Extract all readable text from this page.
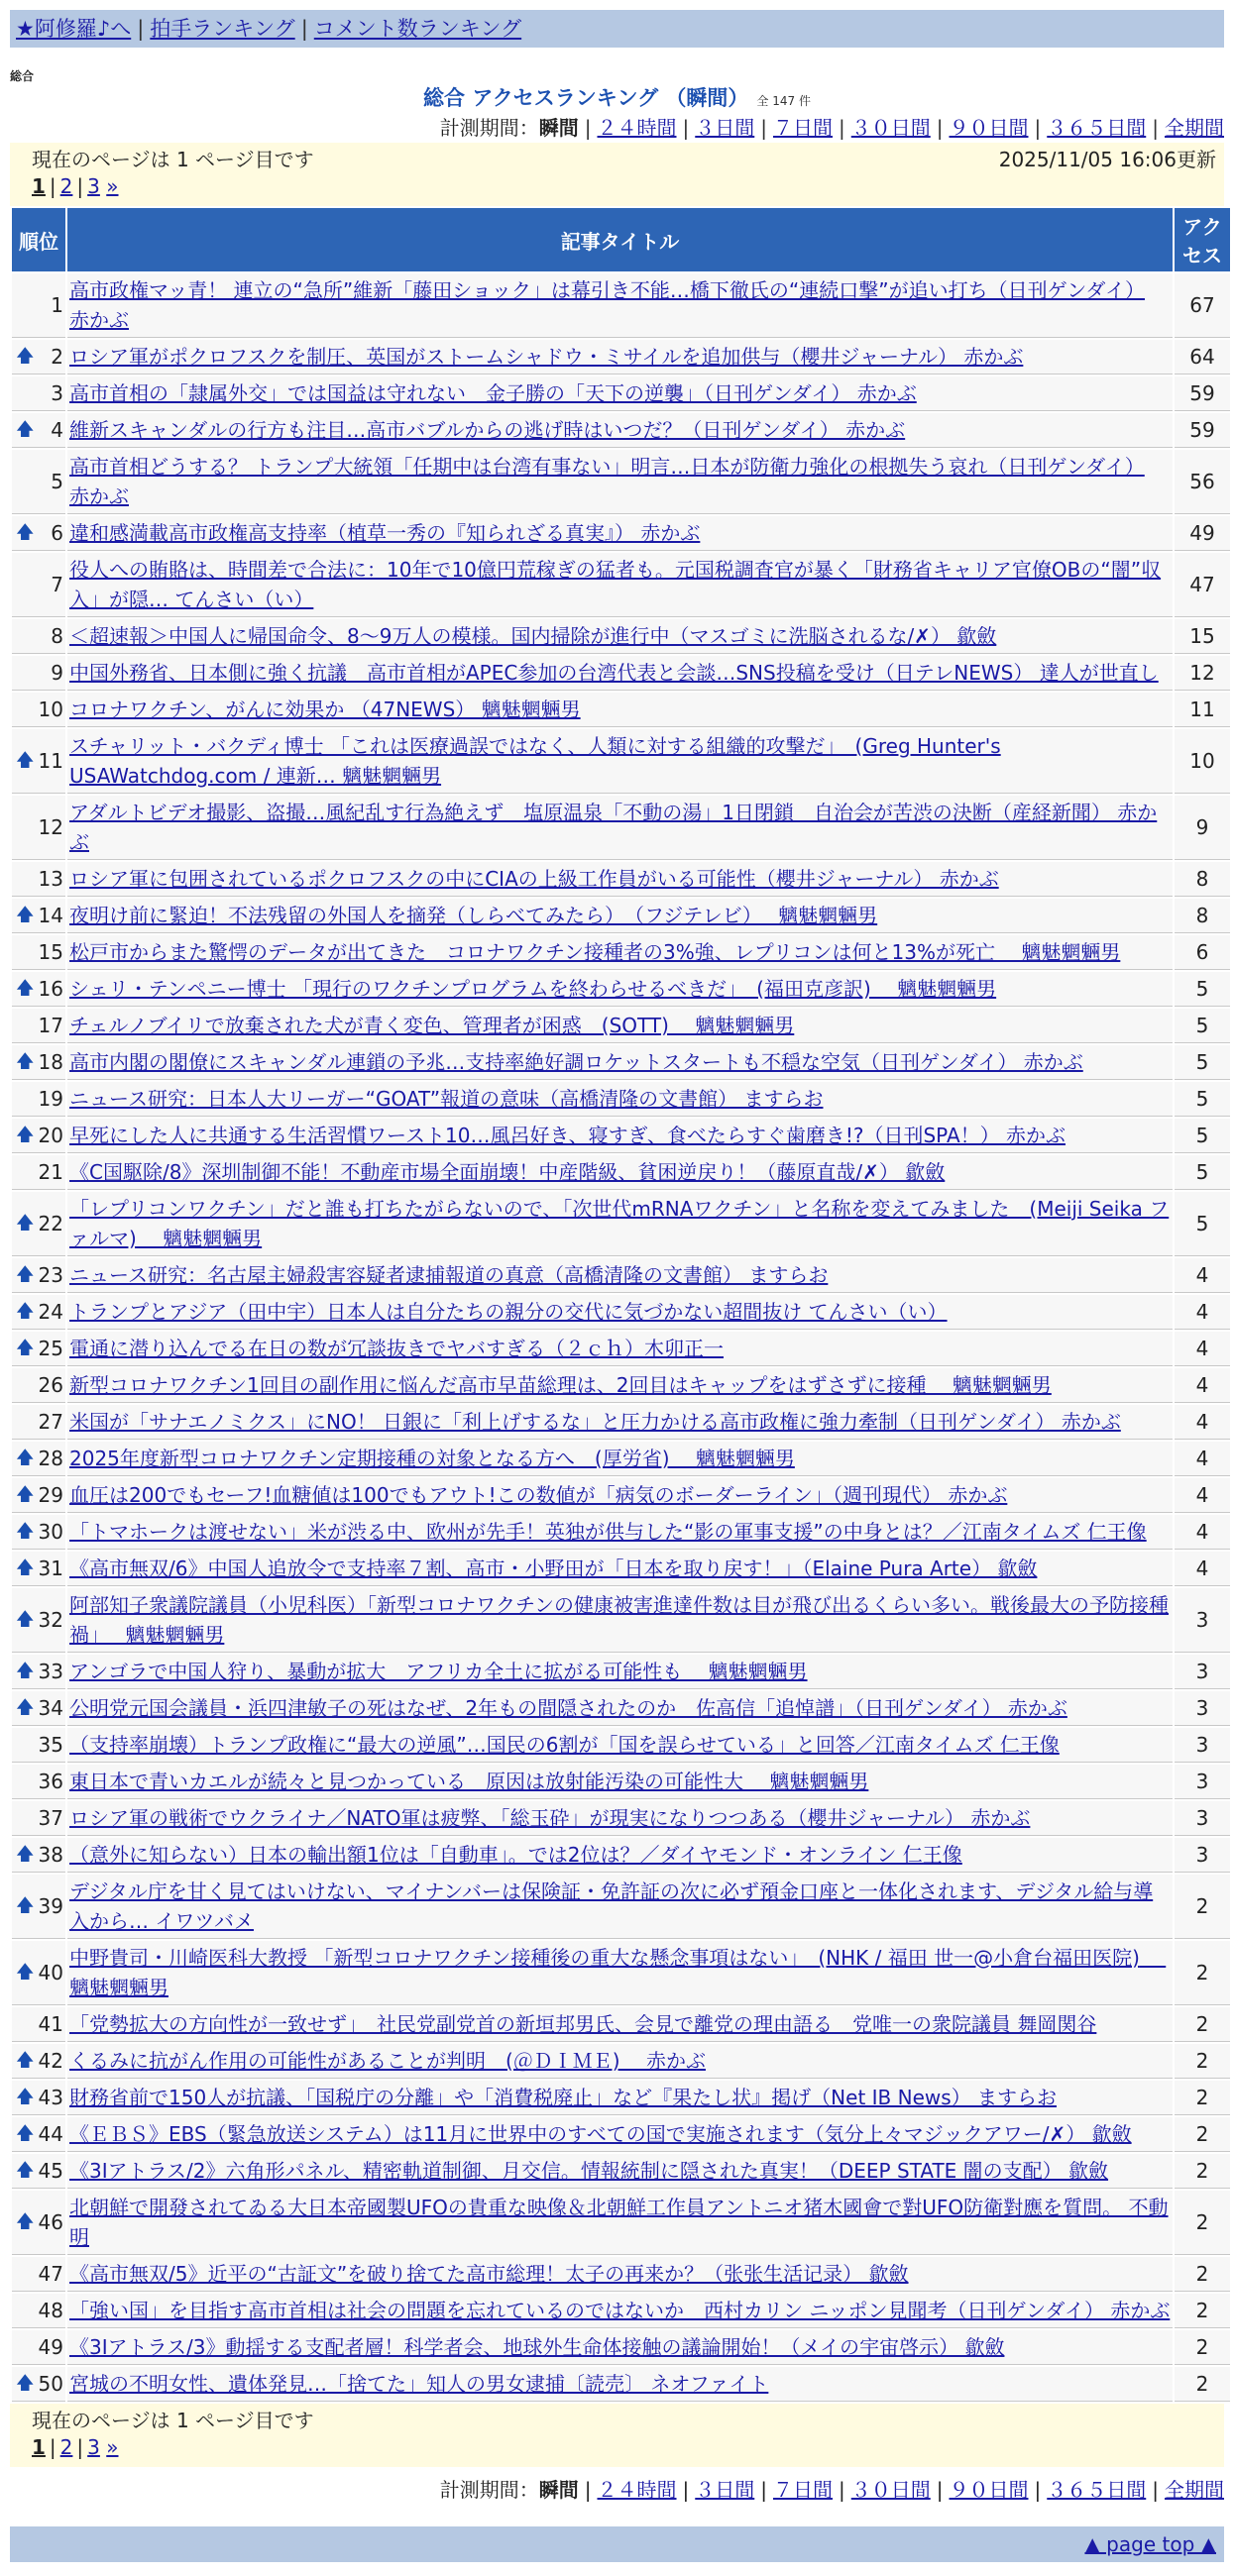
★阿修羅♪へ | 拍手ランキング | コメント数ランキング
総合
総合 アクセスランキング （瞬間） 全 147 件
計測期間：瞬間 | ２４時間 | ３日間 | ７日間 | ３０日間 | ９０日間 | ３６５日間 | 全期間
現在のページは 1 ページ目です	2025/11/05 16:06更新
1 | 2 | 3 »
順位	記事タイトル	アクセス
1	高市政権マッ青！ 連立の“急所”維新「藤田ショック」は幕引き不能…橋下徹氏の“連続口撃”が追い打ち（日刊ゲンダイ） 赤かぶ	67

🡅 2	ロシア軍がポクロフスクを制圧、英国がストームシャドウ・ミサイルを追加供与（櫻井ジャーナル） 赤かぶ	64
3	高市首相の「隷属外交」では国益は守れない　金子勝の「天下の逆襲」（日刊ゲンダイ） 赤かぶ	59

🡅 4	維新スキャンダルの行方も注目…高市バブルからの逃げ時はいつだ？（日刊ゲンダイ） 赤かぶ	59
5	高市首相どうする？ トランプ大統領「任期中は台湾有事ない」明言…日本が防衛力強化の根拠失う哀れ（日刊ゲンダイ） 赤かぶ	56

🡅 6	違和感満載高市政権高支持率（植草一秀の『知られざる真実』） 赤かぶ	49
7	役人への賄賂は、時間差で合法に：10年で10億円荒稼ぎの猛者も。元国税調査官が暴く「財務省キャリア官僚OBの“闇”収入」が隠… てんさい（い）	47
8	＜超速報＞中国人に帰国命令、8～9万人の模様。国内掃除が進行中（マスゴミに洗脳されるな/✗） 歙斂	15
9	中国外務省、日本側に強く抗議　高市首相がAPEC参加の台湾代表と会談…SNS投稿を受け（日テレNEWS） 達人が世直し	12
10	コロナワクチン、がんに効果か （47NEWS） 魑魅魍魎男	11

🡅 11	スチャリット・バクディ博士 「これは医療過誤ではなく、人類に対する組織的攻撃だ」　(Greg Hunter's USAWatchdog.com / 連新… 魑魅魍魎男	10
12	アダルトビデオ撮影、盗撮…風紀乱す行為絶えず　塩原温泉「不動の湯」1日閉鎖　自治会が苦渋の決断（産経新聞） 赤かぶ	9
13	ロシア軍に包囲されているポクロフスクの中にCIAの上級工作員がいる可能性（櫻井ジャーナル） 赤かぶ	8

🡅 14	夜明け前に緊迫！不法残留の外国人を摘発（しらべてみたら）　（フジテレビ）　 魑魅魍魎男	8
15	松戸市からまた驚愕のデータが出てきた　コロナワクチン接種者の3%強、レプリコンは何と13%が死亡　 魑魅魍魎男	6

🡅 16	シェリ・テンペニー博士 「現行のワクチンプログラムを終わらせるべきだ」　(福田克彦訳)　 魑魅魍魎男	5
17	チェルノブイリで放棄された犬が青く変色、管理者が困惑　(SOTT)　 魑魅魍魎男	5

🡅 18	高市内閣の閣僚にスキャンダル連鎖の予兆…支持率絶好調ロケットスタートも不穏な空気（日刊ゲンダイ） 赤かぶ	5
19	ニュース研究：日本人大リーガー“GOAT”報道の意味（高橋清隆の文書館） ますらお	5

🡅 20	早死にした人に共通する生活習慣ワースト10…風呂好き、寝すぎ、食べたらすぐ歯磨き!?（日刊SPA！） 赤かぶ	5
21	《C国駆除/8》深圳制御不能！不動産市場全面崩壊！中産階級、貧困逆戻り！（藤原直哉/✗） 歙斂	5

🡅 22	「レプリコンワクチン」だと誰も打ちたがらないので、「次世代mRNAワクチン」と名称を変えてみました　(Meiji Seika ファルマ)　 魑魅魍魎男	5

🡅 23	ニュース研究：名古屋主婦殺害容疑者逮捕報道の真意（高橋清隆の文書館） ますらお	4

🡅 24	トランプとアジア（田中宇）日本人は自分たちの親分の交代に気づかない超間抜け てんさい（い）	4

🡅 25	電通に潜り込んでる在日の数が冗談抜きでヤバすぎる（２ｃｈ）木卯正一	4
26	新型コロナワクチン1回目の副作用に悩んだ高市早苗総理は、2回目はキャップをはずさずに接種　 魑魅魍魎男	4
27	米国が「サナエノミクス」にNO！ 日銀に「利上げするな」と圧力かける高市政権に強力牽制（日刊ゲンダイ） 赤かぶ	4

🡅 28	2025年度新型コロナワクチン定期接種の対象となる方へ　(厚労省)　 魑魅魍魎男	4

🡅 29	血圧は200でもセーフ!血糖値は100でもアウト!この数値が「病気のボーダーライン」（週刊現代） 赤かぶ	4

🡅 30	「トマホークは渡せない」米が渋る中、欧州が先手！英独が供与した“影の軍事支援”の中身とは？／江南タイムズ 仁王像	4

🡅 31	《高市無双/6》中国人追放令で支持率７割、高市・小野田が「日本を取り戻す！」（Elaine Pura Arte） 歙斂	4

🡅 32	阿部知子衆議院議員（小児科医）「新型コロナワクチンの健康被害進達件数は目が飛び出るくらい多い。戦後最大の予防接種禍」　 魑魅魍魎男	3

🡅 33	アンゴラで中国人狩り、暴動が拡大　アフリカ全土に拡がる可能性も　 魑魅魍魎男	3

🡅 34	公明党元国会議員・浜四津敏子の死はなぜ、2年もの間隠されたのか　佐高信「追悼譜」（日刊ゲンダイ） 赤かぶ	3
35	（支持率崩壊）トランプ政権に“最大の逆風”…国民の6割が「国を誤らせている」と回答／江南タイムズ 仁王像	3
36	東日本で青いカエルが続々と見つかっている　原因は放射能汚染の可能性大　 魑魅魍魎男	3
37	ロシア軍の戦術でウクライナ／NATO軍は疲弊、「総玉砕」が現実になりつつある（櫻井ジャーナル） 赤かぶ	3

🡅 38	（意外に知らない）日本の輸出額1位は「自動車」。では2位は？／ダイヤモンド・オンライン 仁王像	3

🡅 39	デジタル庁を甘く見てはいけない、マイナンバーは保険証・免許証の次に必ず預金口座と一体化されます、デジタル給与導入から… イワツバメ	2

🡅 40	中野貴司・川崎医科大教授 「新型コロナワクチン接種後の重大な懸念事項はない」　(NHK / 福田 世一@小倉台福田医院)　 魑魅魍魎男	2
41	「党勢拡大の方向性が一致せず」　社民党副党首の新垣邦男氏、会見で離党の理由語る　党唯一の衆院議員 舞岡関谷	2

🡅 42	くるみに抗がん作用の可能性があることが判明　(＠ＤＩＭＥ)　 赤かぶ	2

🡅 43	財務省前で150人が抗議、「国税庁の分離」や「消費税廃止」など『果たし状』掲げ（Net IB News） ますらお	2

🡅 44	《ＥＢＳ》EBS（緊急放送システム）は11月に世界中のすべての国で実施されます（気分上々マジックアワー/✗） 歙斂	2

🡅 45	《3Iアトラス/2》六角形パネル、精密軌道制御、月交信。情報統制に隠された真実！（DEEP STATE 闇の支配） 歙斂	2

🡅 46	北朝鮮で開發されてゐる大日本帝國製UFOの貴重な映像＆北朝鮮工作員アントニオ猪木國會で對UFO防衛對應を質問。 不動明	2
47	《高市無双/5》近平の“古証文”を破り捨てた高市総理！太子の再来か？（张张生活记录） 歙斂	2
48	「強い国」を目指す高市首相は社会の問題を忘れているのではないか　西村カリン ニッポン見聞考（日刊ゲンダイ） 赤かぶ	2
49	《3Iアトラス/3》動揺する支配者層！科学者会、地球外生命体接触の議論開始！（メイの宇宙啓示） 歙斂	2

🡅 50	宮城の不明女性、遺体発見…「捨てた」知人の男女逮捕〔読売〕 ネオファイト	2
現在のページは 1 ページ目です
1 | 2 | 3 »
計測期間：瞬間 | ２４時間 | ３日間 | ７日間 | ３０日間 | ９０日間 | ３６５日間 | 全期間
▲ page top ▲
